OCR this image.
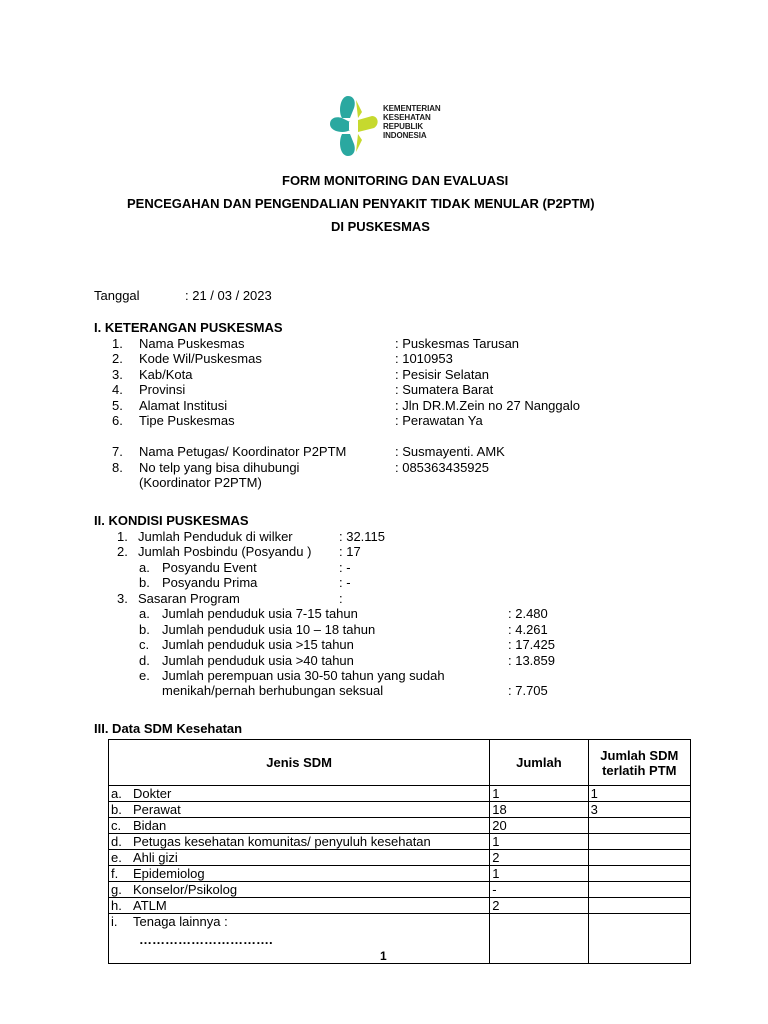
KEMENTERIAN
KESEHATAN
REPUBLIK
INDONESIA
FORM MONITORING DAN EVALUASI
PENCEGAHAN DAN PENGENDALIAN PENYAKIT TIDAK MENULAR (P2PTM)
DI PUSKESMAS
Tanggal	: 21 / 03 / 2023
I. KETERANGAN PUSKESMAS
1. Nama Puskesmas	: Puskesmas Tarusan
2. Kode Wil/Puskesmas	: 1010953
3. Kab/Kota	: Pesisir Selatan
4. Provinsi	: Sumatera Barat
5. Alamat Institusi	: Jln DR.M.Zein no 27 Nanggalo
6. Tipe Puskesmas	: Perawatan Ya
7. Nama Petugas/ Koordinator P2PTM	: Susmayenti. AMK
8. No telp yang bisa dihubungi
(Koordinator P2PTM)
: 085363435925
II. KONDISI PUSKESMAS
1. Jumlah Penduduk di wilker	: 32.115
2. Jumlah Posbindu (Posyandu ) : 17
a. Posyandu Event	: -
b. Posyandu Prima	: -
3. Sasaran Program	:
a. Jumlah penduduk usia 7-15 tahun	: 2.480
b. Jumlah penduduk usia 10 – 18 tahun	: 4.261
c. Jumlah penduduk usia >15 tahun	: 17.425
d. Jumlah penduduk usia >40 tahun	: 13.859
e. Jumlah perempuan usia 30-50 tahun yang sudah
menikah/pernah berhubungan seksual	: 7.705
III. Data SDM Kesehatan
Jenis SDM	Jumlah	Jumlah SDM terlatih PTM
a. Dokter	1	1
b. Perawat	18	3
c. Bidan	20	
d. Petugas kesehatan komunitas/ penyuluh kesehatan	1	
e. Ahli gizi	2	
f. Epidemiolog	1	
g. Konselor/Psikolog	-	
h. ATLM	2	

i. Tenaga lainnya :
………………………….		

1
